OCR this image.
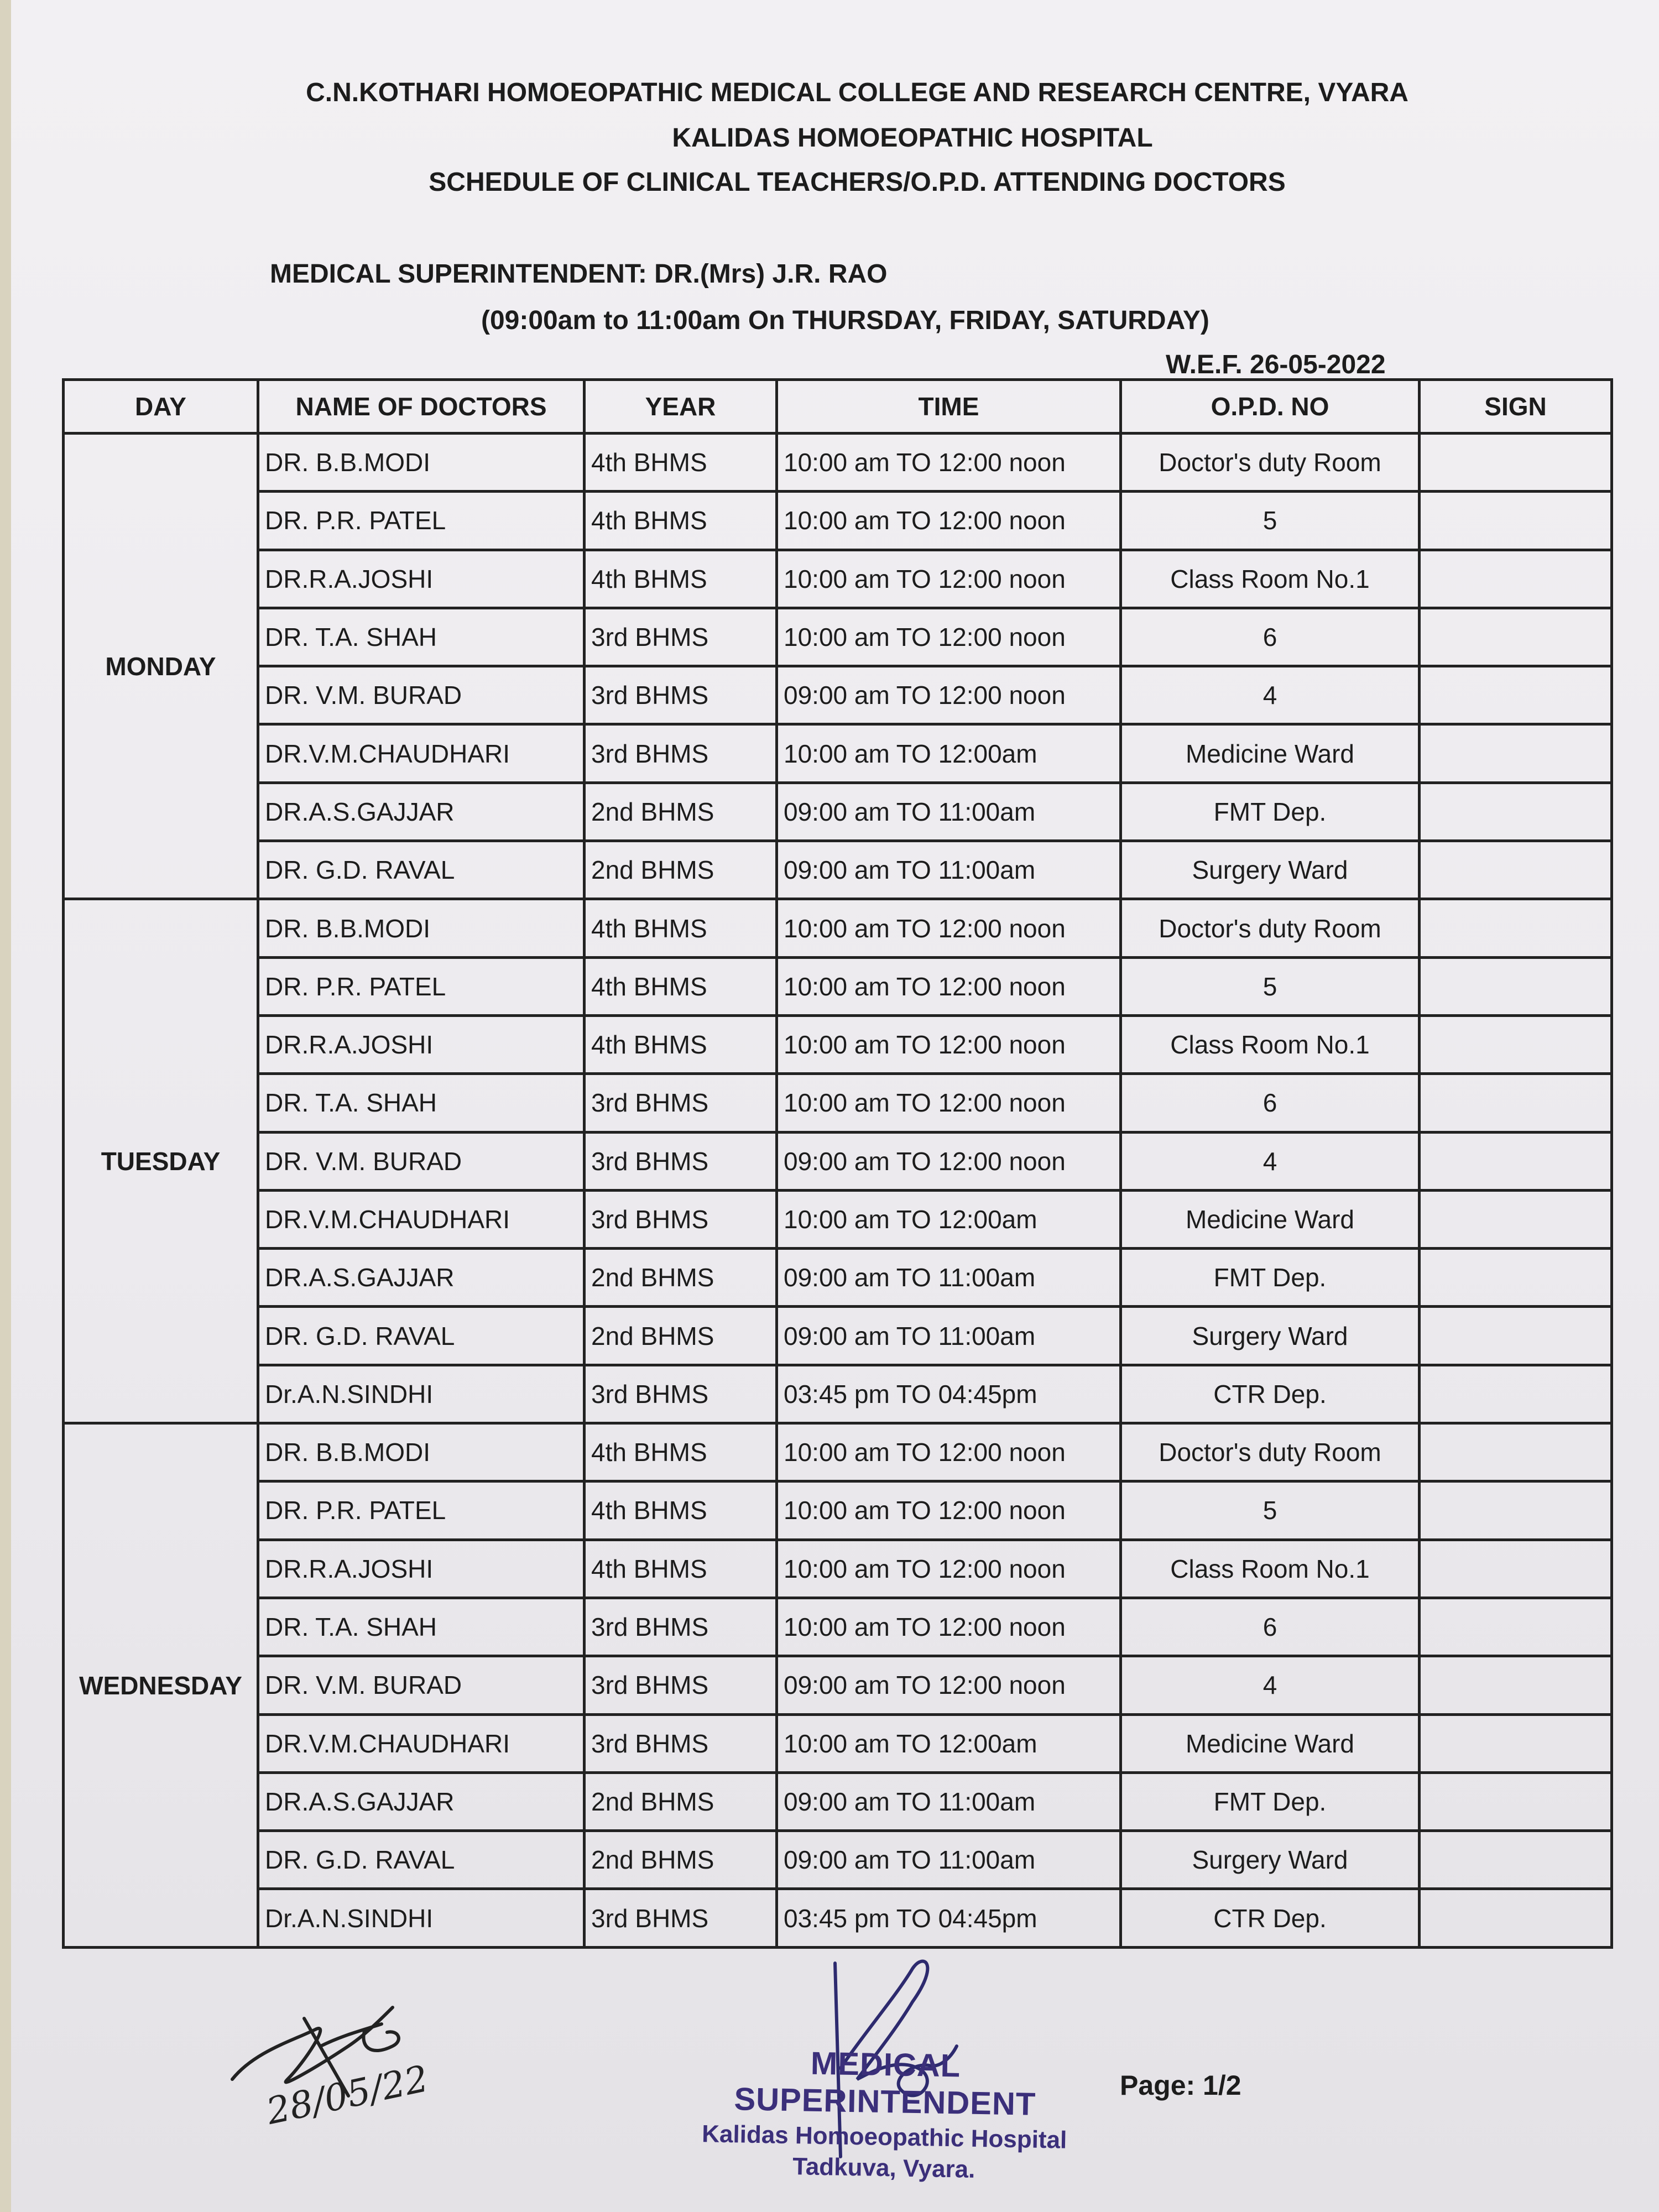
C.N.KOTHARI HOMOEOPATHIC MEDICAL COLLEGE AND RESEARCH CENTRE, VYARA
KALIDAS HOMOEOPATHIC HOSPITAL
SCHEDULE OF CLINICAL TEACHERS/O.P.D. ATTENDING DOCTORS
MEDICAL SUPERINTENDENT: DR.(Mrs) J.R. RAO
(09:00am to 11:00am On THURSDAY, FRIDAY, SATURDAY)
W.E.F. 26-05-2022
DAY	NAME OF DOCTORS	YEAR	TIME	O.P.D. NO	SIGN
MONDAY	DR. B.B.MODI	4th BHMS	10:00 am TO 12:00 noon	Doctor's duty Room	
	DR. P.R. PATEL	4th BHMS	10:00 am TO 12:00 noon	5	
	DR.R.A.JOSHI	4th BHMS	10:00 am TO 12:00 noon	Class Room No.1	
	DR. T.A. SHAH	3rd BHMS	10:00 am TO 12:00 noon	6	
	DR. V.M. BURAD	3rd BHMS	09:00 am TO 12:00 noon	4	
	DR.V.M.CHAUDHARI	3rd BHMS	10:00 am TO 12:00am	Medicine Ward	
	DR.A.S.GAJJAR	2nd BHMS	09:00 am TO 11:00am	FMT Dep.	
	DR. G.D. RAVAL	2nd BHMS	09:00 am TO 11:00am	Surgery Ward	
TUESDAY	DR. B.B.MODI	4th BHMS	10:00 am TO 12:00 noon	Doctor's duty Room	
	DR. P.R. PATEL	4th BHMS	10:00 am TO 12:00 noon	5	
	DR.R.A.JOSHI	4th BHMS	10:00 am TO 12:00 noon	Class Room No.1	
	DR. T.A. SHAH	3rd BHMS	10:00 am TO 12:00 noon	6	
	DR. V.M. BURAD	3rd BHMS	09:00 am TO 12:00 noon	4	
	DR.V.M.CHAUDHARI	3rd BHMS	10:00 am TO 12:00am	Medicine Ward	
	DR.A.S.GAJJAR	2nd BHMS	09:00 am TO 11:00am	FMT Dep.	
	DR. G.D. RAVAL	2nd BHMS	09:00 am TO 11:00am	Surgery Ward	
	Dr.A.N.SINDHI	3rd BHMS	03:45 pm TO 04:45pm	CTR Dep.	
WEDNESDAY	DR. B.B.MODI	4th BHMS	10:00 am TO 12:00 noon	Doctor's duty Room	
	DR. P.R. PATEL	4th BHMS	10:00 am TO 12:00 noon	5	
	DR.R.A.JOSHI	4th BHMS	10:00 am TO 12:00 noon	Class Room No.1	
	DR. T.A. SHAH	3rd BHMS	10:00 am TO 12:00 noon	6	
	DR. V.M. BURAD	3rd BHMS	09:00 am TO 12:00 noon	4	
	DR.V.M.CHAUDHARI	3rd BHMS	10:00 am TO 12:00am	Medicine Ward	
	DR.A.S.GAJJAR	2nd BHMS	09:00 am TO 11:00am	FMT Dep.	
	DR. G.D. RAVAL	2nd BHMS	09:00 am TO 11:00am	Surgery Ward	
	Dr.A.N.SINDHI	3rd BHMS	03:45 pm TO 04:45pm	CTR Dep.	
28/05/22	MEDICAL SUPERINTENDENT
Kalidas Homoeopathic Hospital
Tadkuva, Vyara.
Page: 1/2
